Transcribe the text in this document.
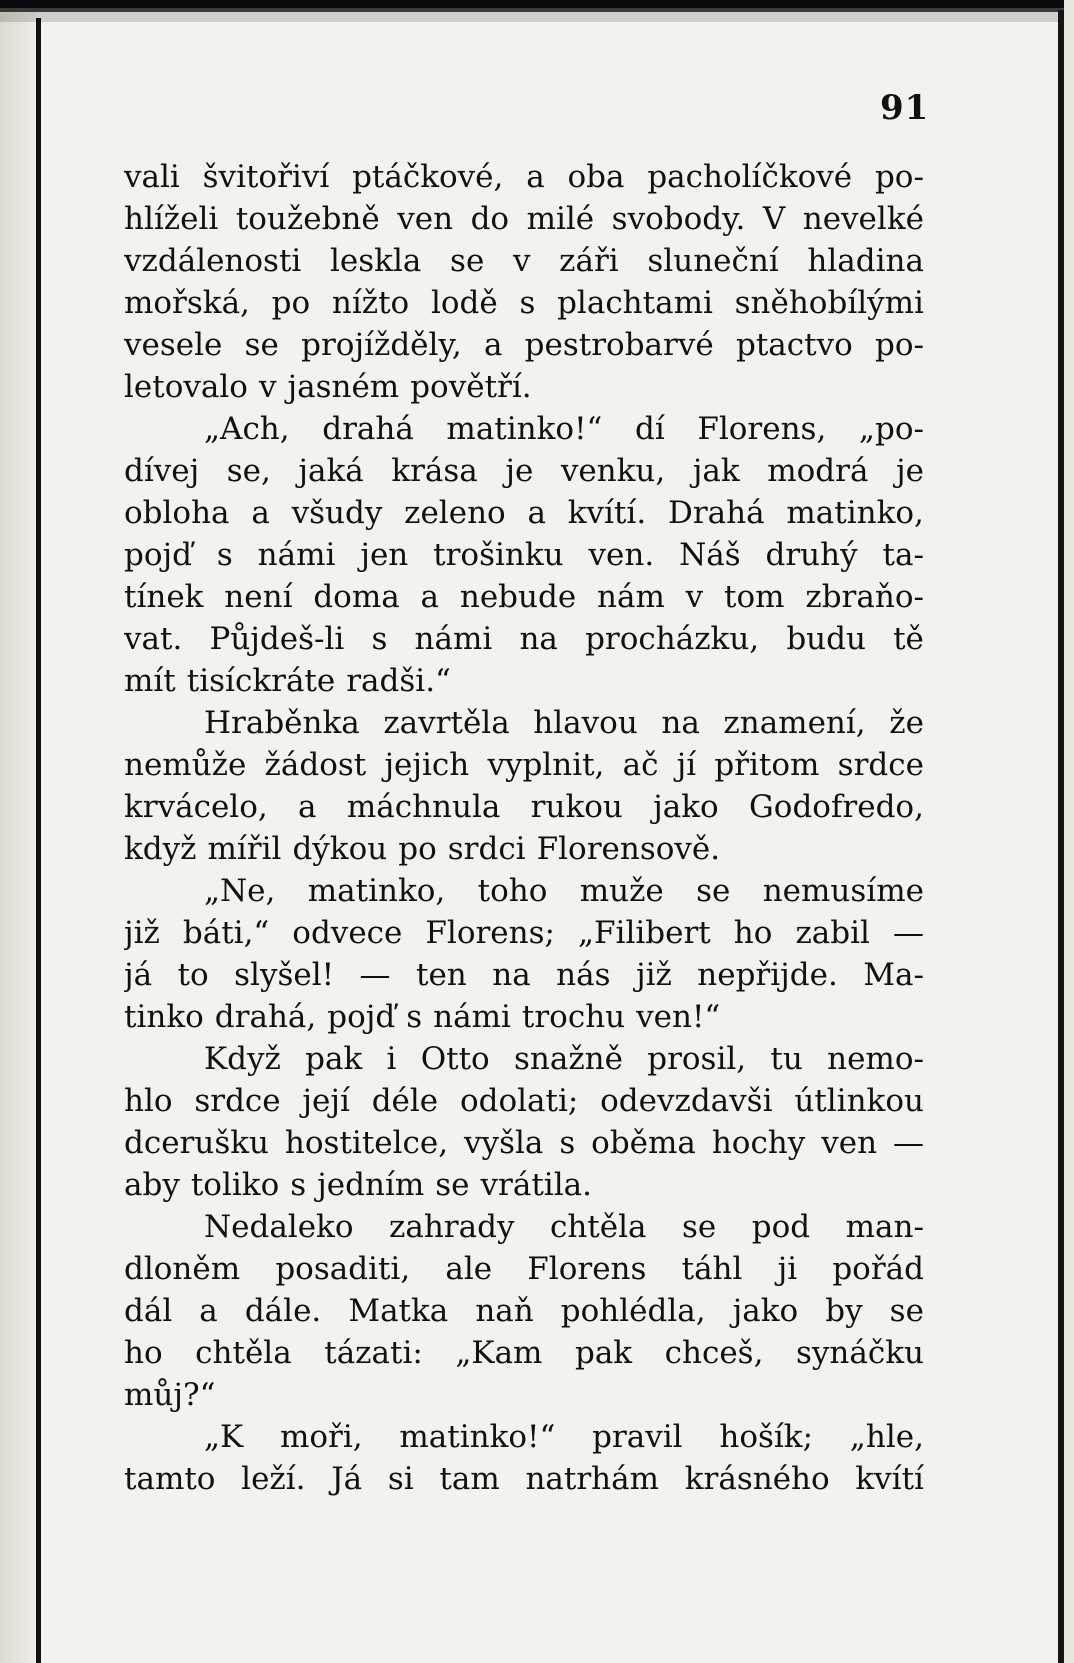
91
vali švitořiví ptáčkové, a oba pacholíčkové po-
hlíželi toužebně ven do milé svobody. V nevelké
vzdálenosti leskla se v záři sluneční hladina
mořská, po nížto lodě s plachtami sněhobílými
vesele se projížděly, a pestrobarvé ptactvo po-
letovalo v jasném povětří.
„Ach, drahá matinko!“ dí Florens, „po-
dívej se, jaká krása je venku, jak modrá je
obloha a všudy zeleno a kvítí. Drahá matinko,
pojď s námi jen trošinku ven. Náš druhý ta-
tínek není doma a nebude nám v tom zbraňo-
vat. Půjdeš-li s námi na procházku, budu tě
mít tisíckráte radši.“
Hraběnka zavrtěla hlavou na znamení, že
nemůže žádost jejich vyplnit, ač jí přitom srdce
krvácelo, a máchnula rukou jako Godofredo,
když mířil dýkou po srdci Florensově.
„Ne, matinko, toho muže se nemusíme
již báti,“ odvece Florens; „Filibert ho zabil —
já to slyšel! — ten na nás již nepřijde. Ma-
tinko drahá, pojď s námi trochu ven!“
Když pak i Otto snažně prosil, tu nemo-
hlo srdce její déle odolati; odevzdavši útlinkou
dcerušku hostitelce, vyšla s oběma hochy ven —
aby toliko s jedním se vrátila.
Nedaleko zahrady chtěla se pod man-
dloněm posaditi, ale Florens táhl ji pořád
dál a dále. Matka naň pohlédla, jako by se
ho chtěla tázati: „Kam pak chceš, synáčku
můj?“
„K moři, matinko!“ pravil hošík; „hle,
tamto leží. Já si tam natrhám krásného kvítí
